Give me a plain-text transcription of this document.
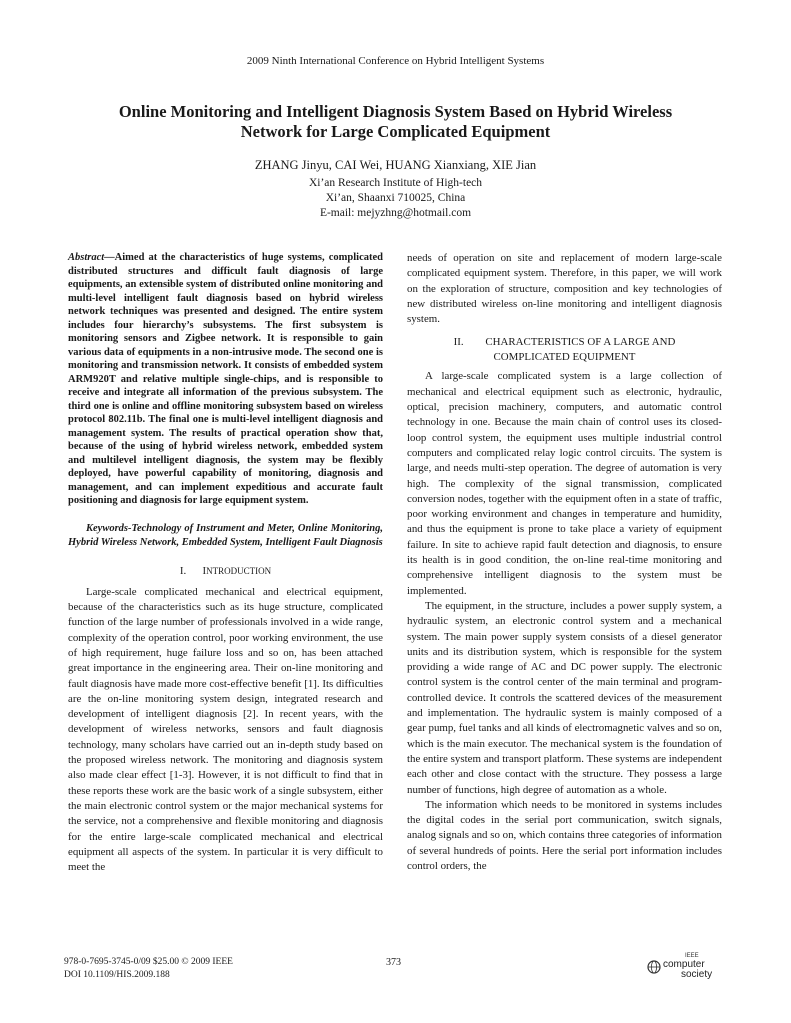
2009 Ninth International Conference on Hybrid Intelligent Systems
Online Monitoring and Intelligent Diagnosis System Based on Hybrid Wireless
Network for Large Complicated Equipment
ZHANG Jinyu, CAI Wei, HUANG Xianxiang, XIE Jian
Xi’an Research Institute of High-tech
Xi’an, Shaanxi 710025, China
E-mail: mejyzhng@hotmail.com

Abstract—Aimed at the characteristics of huge systems, complicated distributed structures and difficult fault diagnosis of large equipments, an extensible system of distributed online monitoring and multi-level intelligent fault diagnosis based on hybrid wireless network techniques was presented and designed. The entire system includes four hierarchy’s subsystems. The first subsystem is monitoring sensors and Zigbee network. It is responsible to gain various data of equipments in a non-intrusive mode. The second one is monitoring and transmission network. It consists of embedded system ARM920T and relative multiple single-chips, and is responsible to receive and integrate all information of the previous subsystem. The third one is online and offline monitoring subsystem based on wireless protocol 802.11b. The final one is multi-level intelligent diagnosis and management system. The results of practical operation show that, because of the using of hybrid wireless network, embedded system and multilevel intelligent diagnosis, the system may be flexibly deployed, have powerful capability of monitoring, diagnosis and management, and can implement expeditious and accurate fault positioning and diagnosis for large equipment system.

Keywords-Technology of Instrument and Meter, Online Monitoring, Hybrid Wireless Network, Embedded System, Intelligent Fault Diagnosis

I. INTRODUCTION

Large-scale complicated mechanical and electrical equipment, because of the characteristics such as its huge structure, complicated function of the large number of professionals involved in a wide range, complexity of the operation control, poor working environment, the use of high requirement, huge failure loss and so on, has been attached great importance in the engineering area. Their on-line monitoring and fault diagnosis have made more cost-effective benefit [1]. Its difficulties are the on-line monitoring system design, integrated research and development of intelligent diagnosis [2]. In recent years, with the development of wireless networks, sensors and fault diagnosis technology, many scholars have carried out an in-depth study based on the proposed wireless network. The monitoring and diagnosis system also made clear effect [1-3]. However, it is not difficult to find that in these reports these work are the basic work of a single subsystem, either the main electronic control system or the major mechanical systems for the service, not a comprehensive and flexible monitoring and diagnosis for the entire large-scale complicated mechanical and electrical equipment all aspects of the system. In particular it is very difficult to meet the

needs of operation on site and replacement of modern large-scale complicated equipment system. Therefore, in this paper, we will work on the exploration of structure, composition and key technologies of new distributed wireless on-line monitoring and intelligent diagnosis system.

II.        CHARACTERISTICS OF A LARGE AND
COMPLICATED EQUIPMENT

A large-scale complicated system is a large collection of mechanical and electrical equipment such as electronic, hydraulic, optical, precision machinery, computers, and automatic control technology in one. Because the main chain of control uses its closed-loop control system, the equipment uses multiple industrial control computers and complicated relay logic control circuits. The system is large, and needs multi-step operation. The degree of automation is very high. The complexity of the signal transmission, complicated conversion nodes, together with the equipment often in a state of traffic, poor working environment and changes in temperature and humidity, and thus the equipment is prone to take place a variety of equipment failure. In site to achieve rapid fault detection and diagnosis, to ensure its health is in good condition, the on-line real-time monitoring and comprehensive intelligent diagnosis to the system must be implemented.

The equipment, in the structure, includes a power supply system, a hydraulic system, an electronic control system and a mechanical system. The main power supply system consists of a diesel generator units and its distribution system, which is responsible for the system providing a wide range of AC and DC power supply. The electronic control system is the control center of the main terminal and program-controlled device. It controls the scattered devices of the measurement and implementation. The hydraulic system is mainly composed of a gear pump, fuel tanks and all kinds of electromagnetic valves and so on, which is the main executor. The mechanical system is the foundation of the entire system and transport platform. These systems are independent each other and close contact with the structure. They possess a large number of functions, high degree of automation as a whole.

The information which needs to be monitored in systems includes the digital codes in the serial port communication, switch signals, analog signals and so on, which contains three categories of information of several hundreds of points. Here the serial port information includes control orders, the

978-0-7695-3745-0/09 $25.00 © 2009 IEEE
DOI 10.1109/HIS.2009.188
373
IEEE
computer
society
